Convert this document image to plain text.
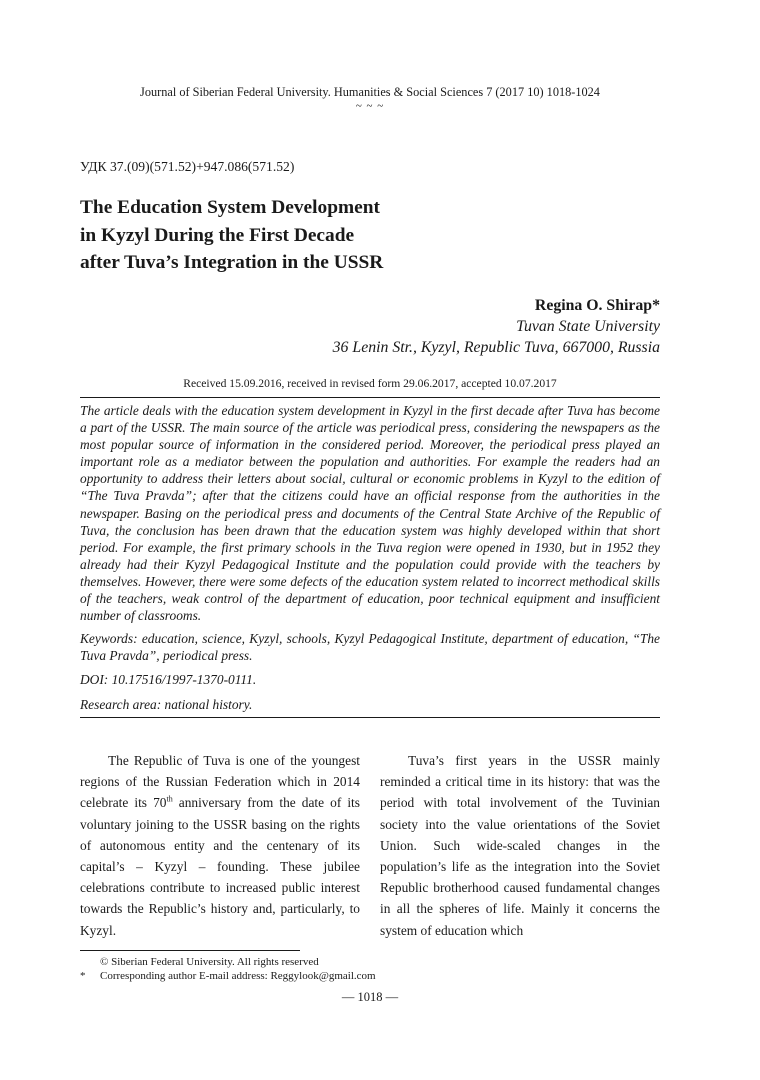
Journal of Siberian Federal University. Humanities & Social Sciences 7 (2017 10) 1018-1024
~ ~ ~
УДК 37.(09)(571.52)+947.086(571.52)
The Education System Development
in Kyzyl During the First Decade
after Tuva’s Integration in the USSR
Regina O. Shirap*
Tuvan State University
36 Lenin Str., Kyzyl, Republic Tuva, 667000, Russia
Received 15.09.2016, received in revised form 29.06.2017, accepted 10.07.2017

The article deals with the education system development in Kyzyl in the first decade after Tuva has become a part of the USSR. The main source of the article was periodical press, considering the newspapers as the most popular source of information in the considered period. Moreover, the periodical press played an important role as a mediator between the population and authorities. For example the readers had an opportunity to address their letters about social, cultural or economic problems in Kyzyl to the edition of “The Tuva Pravda”; after that the citizens could have an official response from the authorities in the newspaper. Basing on the periodical press and documents of the Central State Archive of the Republic of Tuva, the conclusion has been drawn that the education system was highly developed within that short period. For example, the first primary schools in the Tuva region were opened in 1930, but in 1952 they already had their Kyzyl Pedagogical Institute and the population could provide with the teachers by themselves. However, there were some defects of the education system related to incorrect methodical skills of the teachers, weak control of the department of education, poor technical equipment and insufficient number of classrooms.

Keywords: education, science, Kyzyl, schools, Kyzyl Pedagogical Institute, department of education, “The Tuva Pravda”, periodical press.

DOI: 10.17516/1997-1370-0111.

Research area: national history.

The Republic of Tuva is one of the youngest regions of the Russian Federation which in 2014 celebrate its 70th anniversary from the date of its voluntary joining to the USSR basing on the rights of autonomous entity and the centenary of its capital’s – Kyzyl – founding. These jubilee celebrations contribute to increased public interest towards the Republic’s history and, particularly, to Kyzyl.

Tuva’s first years in the USSR mainly reminded a critical time in its history: that was the period with total involvement of the Tuvinian society into the value orientations of the Soviet Union. Such wide-scaled changes in the population’s life as the integration into the Soviet Republic brotherhood caused fundamental changes in all the spheres of life. Mainly it concerns the system of education which

© Siberian Federal University. All rights reserved
* Corresponding author E-mail address: Reggylook@gmail.com
— 1018 —
